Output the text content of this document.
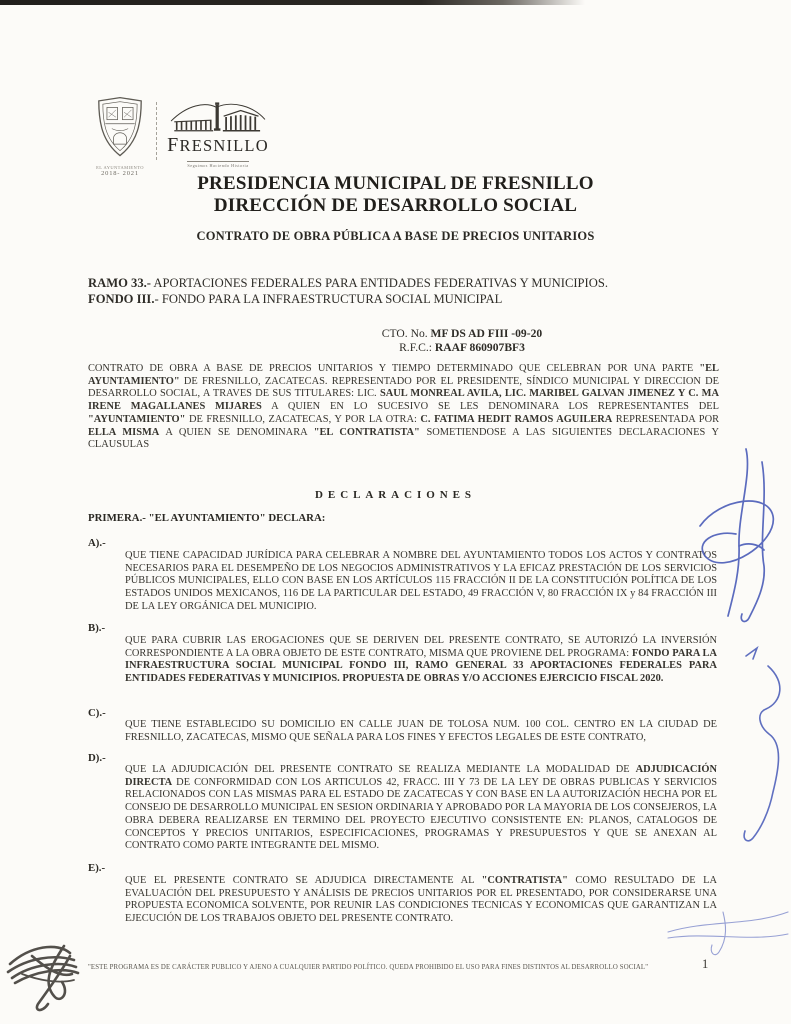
EL AYUNTAMIENTO
2018- 2021
FRESNILLO
Seguimos Haciendo Historia
PRESIDENCIA MUNICIPAL DE FRESNILLO
DIRECCIÓN DE DESARROLLO SOCIAL
CONTRATO DE OBRA PÚBLICA A BASE DE PRECIOS UNITARIOS
RAMO 33.- APORTACIONES FEDERALES PARA ENTIDADES FEDERATIVAS Y MUNICIPIOS.
FONDO III.- FONDO PARA LA INFRAESTRUCTURA SOCIAL MUNICIPAL
CTO. No. MF DS AD FIII -09-20
R.F.C.: RAAF 860907BF3
CONTRATO DE OBRA A BASE DE PRECIOS UNITARIOS Y TIEMPO DETERMINADO QUE CELEBRAN POR UNA PARTE "EL AYUNTAMIENTO" DE FRESNILLO, ZACATECAS. REPRESENTADO POR EL PRESIDENTE, SÍNDICO MUNICIPAL Y DIRECCION DE DESARROLLO SOCIAL, A TRAVES DE SUS TITULARES: LIC. SAUL MONREAL AVILA, LIC. MARIBEL GALVAN JIMENEZ Y C. MA IRENE MAGALLANES MIJARES A QUIEN EN LO SUCESIVO SE LES DENOMINARA LOS REPRESENTANTES DEL "AYUNTAMIENTO" DE FRESNILLO, ZACATECAS, Y POR LA OTRA: C. FATIMA HEDIT RAMOS AGUILERA REPRESENTADA POR ELLA MISMA A QUIEN SE DENOMINARA "EL CONTRATISTA" SOMETIENDOSE A LAS SIGUIENTES DECLARACIONES Y CLAUSULAS
DECLARACIONES
PRIMERA.- "EL AYUNTAMIENTO" DECLARA:
A).-
QUE TIENE CAPACIDAD JURÍDICA PARA CELEBRAR A NOMBRE DEL AYUNTAMIENTO TODOS LOS ACTOS Y CONTRATOS NECESARIOS PARA EL DESEMPEÑO DE LOS NEGOCIOS ADMINISTRATIVOS Y LA EFICAZ PRESTACIÓN DE LOS SERVICIOS PÚBLICOS MUNICIPALES, ELLO CON BASE EN LOS ARTÍCULOS 115 FRACCIÓN II DE LA CONSTITUCIÓN POLÍTICA DE LOS ESTADOS UNIDOS MEXICANOS, 116 DE LA PARTICULAR DEL ESTADO, 49 FRACCIÓN V, 80 FRACCIÓN IX y 84 FRACCIÓN III DE LA LEY ORGÁNICA DEL MUNICIPIO.
B).-
QUE PARA CUBRIR LAS EROGACIONES QUE SE DERIVEN DEL PRESENTE CONTRATO, SE AUTORIZÓ LA INVERSIÓN CORRESPONDIENTE A LA OBRA OBJETO DE ESTE CONTRATO, MISMA QUE PROVIENE DEL PROGRAMA: FONDO PARA LA INFRAESTRUCTURA SOCIAL MUNICIPAL FONDO III, RAMO GENERAL 33 APORTACIONES FEDERALES PARA ENTIDADES FEDERATIVAS Y MUNICIPIOS. PROPUESTA DE OBRAS Y/O ACCIONES EJERCICIO FISCAL 2020.
C).-
QUE TIENE ESTABLECIDO SU DOMICILIO EN CALLE JUAN DE TOLOSA NUM. 100 COL. CENTRO EN LA CIUDAD DE FRESNILLO, ZACATECAS, MISMO QUE SEÑALA PARA LOS FINES Y EFECTOS LEGALES DE ESTE CONTRATO,
D).-
QUE LA ADJUDICACIÓN DEL PRESENTE CONTRATO SE REALIZA MEDIANTE LA MODALIDAD DE ADJUDICACIÓN DIRECTA DE CONFORMIDAD CON LOS ARTICULOS 42, FRACC. III Y 73 DE LA LEY DE OBRAS PUBLICAS Y SERVICIOS RELACIONADOS CON LAS MISMAS PARA EL ESTADO DE ZACATECAS Y CON BASE EN LA AUTORIZACIÓN HECHA POR EL CONSEJO DE DESARROLLO MUNICIPAL EN SESION ORDINARIA Y APROBADO POR LA MAYORIA DE LOS CONSEJEROS, LA OBRA DEBERA REALIZARSE EN TERMINO DEL PROYECTO EJECUTIVO CONSISTENTE EN: PLANOS, CATALOGOS DE CONCEPTOS Y PRECIOS UNITARIOS, ESPECIFICACIONES, PROGRAMAS Y PRESUPUESTOS Y QUE SE ANEXAN AL CONTRATO COMO PARTE INTEGRANTE DEL MISMO.
E).-
QUE EL PRESENTE CONTRATO SE ADJUDICA DIRECTAMENTE AL "CONTRATISTA" COMO RESULTADO DE LA EVALUACIÓN DEL PRESUPUESTO Y ANÁLISIS DE PRECIOS UNITARIOS POR EL PRESENTADO, POR CONSIDERARSE UNA PROPUESTA ECONOMICA SOLVENTE, POR REUNIR LAS CONDICIONES TECNICAS Y ECONOMICAS QUE GARANTIZAN LA EJECUCIÓN DE LOS TRABAJOS OBJETO DEL PRESENTE CONTRATO.
"ESTE PROGRAMA ES DE CARÁCTER PUBLICO Y AJENO A CUALQUIER PARTIDO POLÍTICO. QUEDA PROHIBIDO EL USO PARA FINES DISTINTOS AL DESARROLLO SOCIAL"	1
